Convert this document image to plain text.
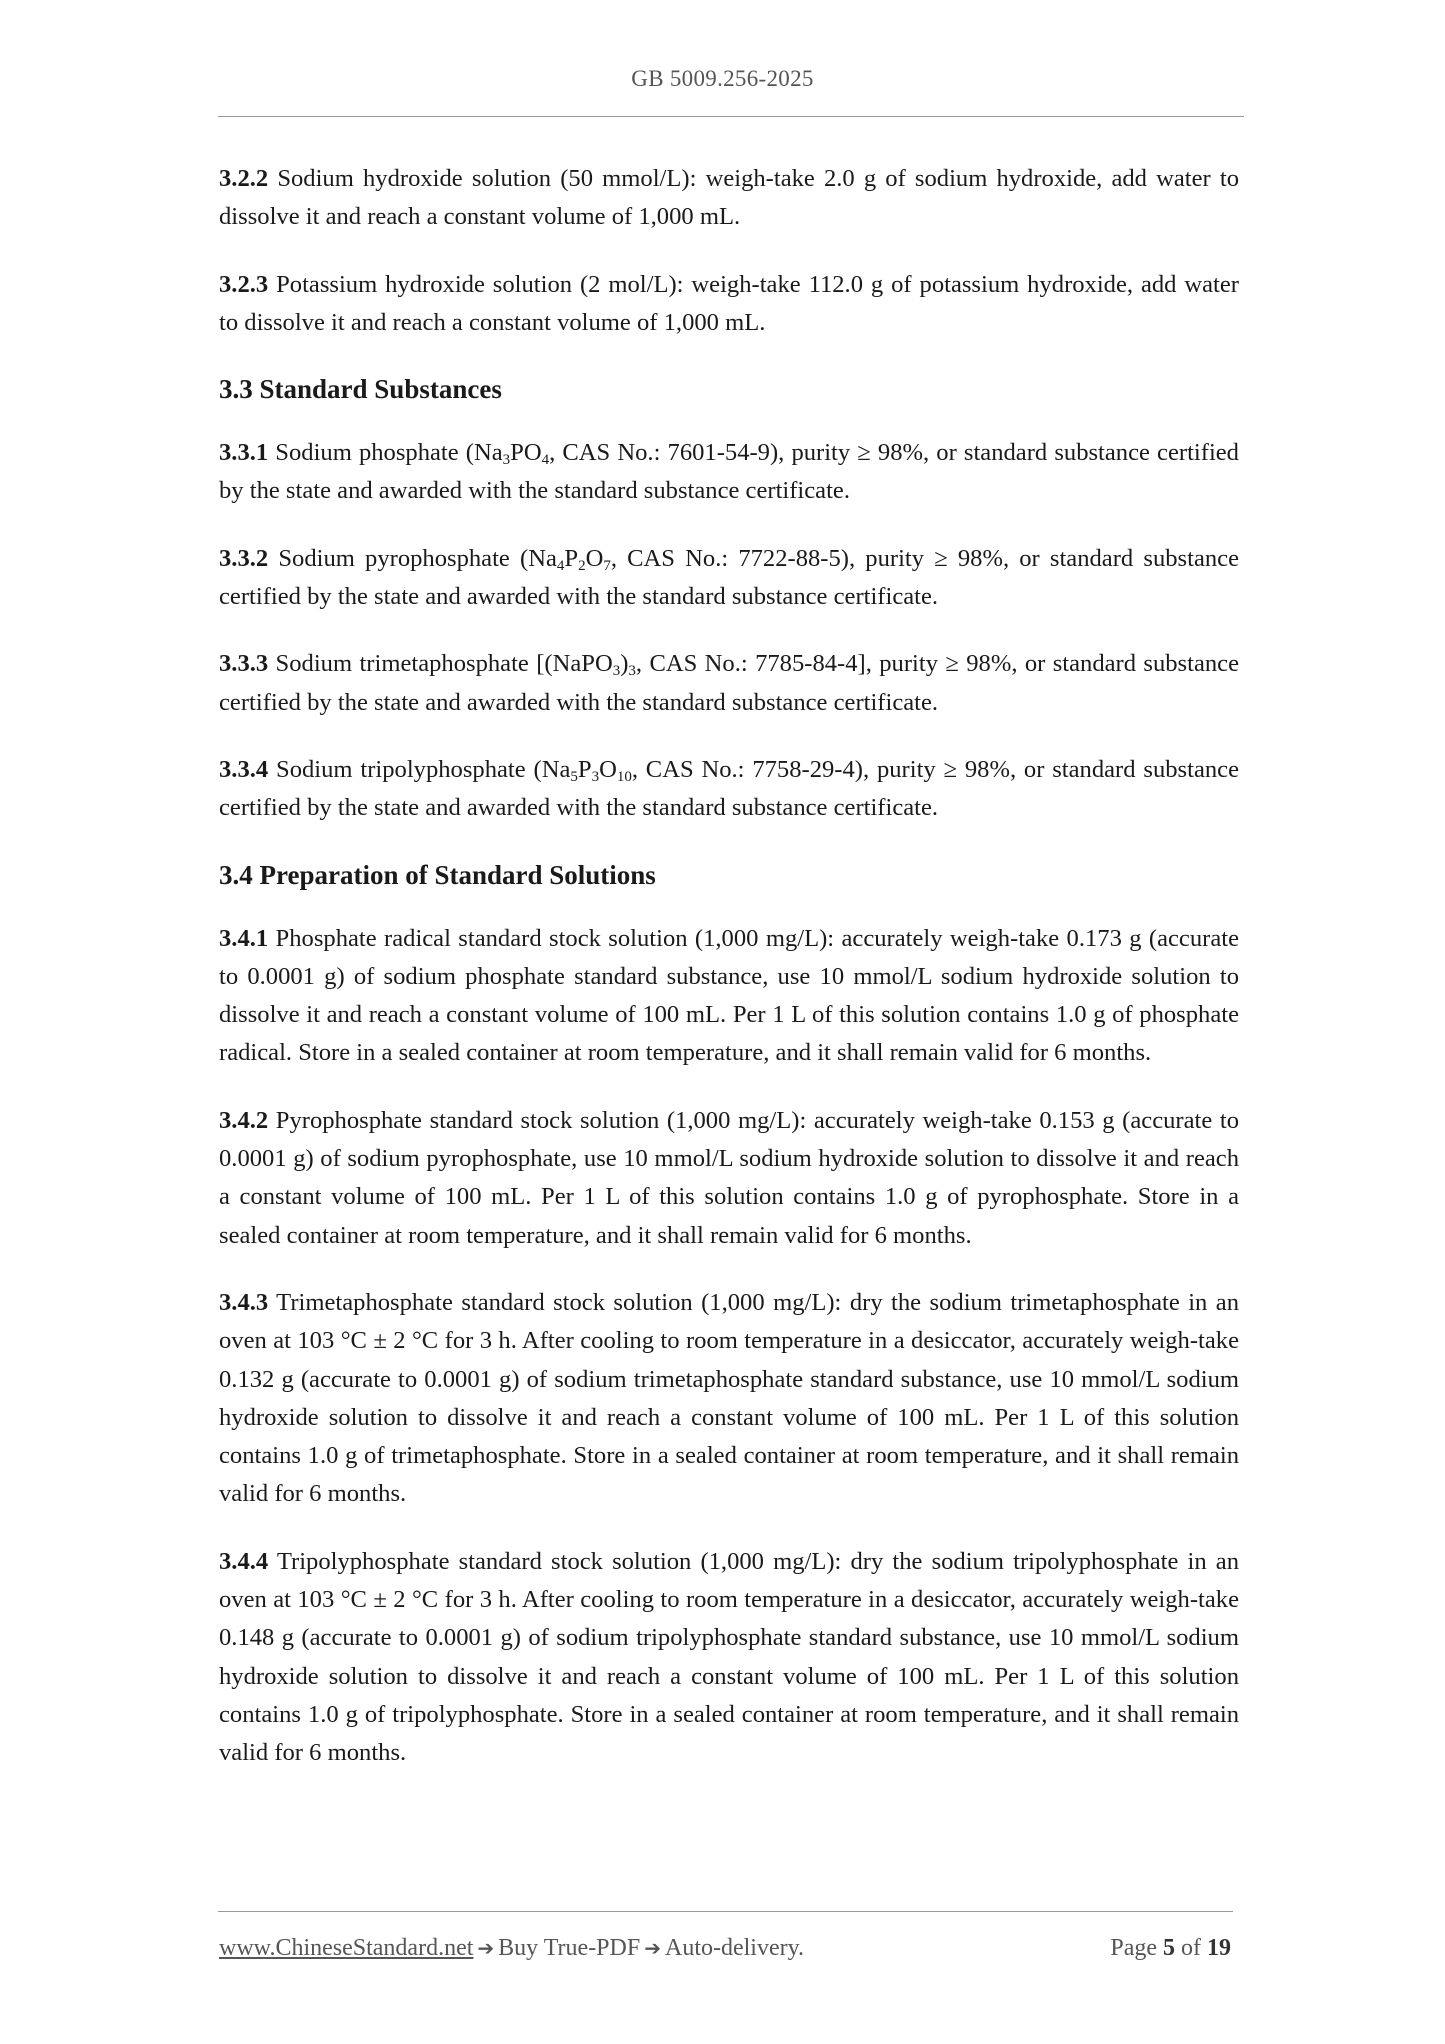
GB 5009.256-2025

3.2.2 Sodium hydroxide solution (50 mmol/L): weigh-take 2.0 g of sodium hydroxide, add water to dissolve it and reach a constant volume of 1,000 mL.

3.2.3 Potassium hydroxide solution (2 mol/L): weigh-take 112.0 g of potassium hydroxide, add water to dissolve it and reach a constant volume of 1,000 mL.

3.3 Standard Substances

3.3.1 Sodium phosphate ($Na_3PO_4$, CAS No.: 7601-54-9), purity ≥ 98%, or standard substance certified by the state and awarded with the standard substance certificate.

3.3.2 Sodium pyrophosphate ($Na_4P_2O_7$, CAS No.: 7722-88-5), purity ≥ 98%, or standard substance certified by the state and awarded with the standard substance certificate.

3.3.3 Sodium trimetaphosphate [$(NaPO_3)_3$, CAS No.: 7785-84-4], purity ≥ 98%, or standard substance certified by the state and awarded with the standard substance certificate.

3.3.4 Sodium tripolyphosphate ($Na_5P_3O_{10}$, CAS No.: 7758-29-4), purity ≥ 98%, or standard substance certified by the state and awarded with the standard substance certificate.

3.4 Preparation of Standard Solutions

3.4.1 Phosphate radical standard stock solution (1,000 mg/L): accurately weigh-take 0.173 g (accurate to 0.0001 g) of sodium phosphate standard substance, use 10 mmol/L sodium hydroxide solution to dissolve it and reach a constant volume of 100 mL. Per 1 L of this solution contains 1.0 g of phosphate radical. Store in a sealed container at room temperature, and it shall remain valid for 6 months.

3.4.2 Pyrophosphate standard stock solution (1,000 mg/L): accurately weigh-take 0.153 g (accurate to 0.0001 g) of sodium pyrophosphate, use 10 mmol/L sodium hydroxide solution to dissolve it and reach a constant volume of 100 mL. Per 1 L of this solution contains 1.0 g of pyrophosphate. Store in a sealed container at room temperature, and it shall remain valid for 6 months.

3.4.3 Trimetaphosphate standard stock solution (1,000 mg/L): dry the sodium trimetaphosphate in an oven at 103 °C ± 2 °C for 3 h. After cooling to room temperature in a desiccator, accurately weigh-take 0.132 g (accurate to 0.0001 g) of sodium trimetaphosphate standard substance, use 10 mmol/L sodium hydroxide solution to dissolve it and reach a constant volume of 100 mL. Per 1 L of this solution contains 1.0 g of trimetaphosphate. Store in a sealed container at room temperature, and it shall remain valid for 6 months.

3.4.4 Tripolyphosphate standard stock solution (1,000 mg/L): dry the sodium tripolyphosphate in an oven at 103 °C ± 2 °C for 3 h. After cooling to room temperature in a desiccator, accurately weigh-take 0.148 g (accurate to 0.0001 g) of sodium tripolyphosphate standard substance, use 10 mmol/L sodium hydroxide solution to dissolve it and reach a constant volume of 100 mL. Per 1 L of this solution contains 1.0 g of tripolyphosphate. Store in a sealed container at room temperature, and it shall remain valid for 6 months.

www.ChineseStandard.net ➔ Buy True-PDF ➔ Auto-delivery.	Page 5 of 19
